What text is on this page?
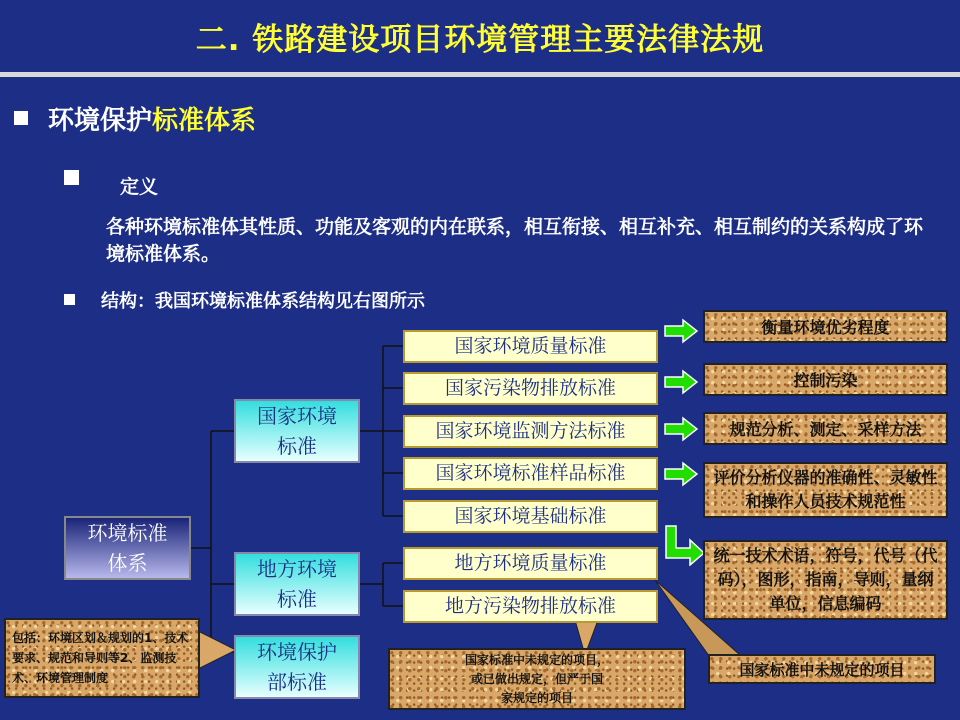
二. 铁路建设项目环境管理主要法律法规
环境保护标准体系
定义
各种环境标准体其性质、功能及客观的内在联系，相互衔接、相互补充、相互制约的关系构成了环境标准体系。
结构：我国环境标准体系结构见右图所示
环境标准
体系
国家环境
标准
地方环境
标准
环境保护
部标准
国家环境质量标准
国家污染物排放标准
国家环境监测方法标准
国家环境标准样品标准
国家环境基础标准
地方环境质量标准
地方污染物排放标准
衡量环境优劣程度
控制污染
规范分析、测定、采样方法
评价分析仪器的准确性、灵敏性和操作人员技术规范性
统一技术术语，符号，代号（代码），图形，指南，导则，量纲单位，信息编码
包括：环境区划＆规划的1、技术要求、规范和导则等2、监测技术、环境管理制度
国家标准中未规定的项目，
或已做出规定，但严于国
家规定的项目
国家标准中未规定的项目
